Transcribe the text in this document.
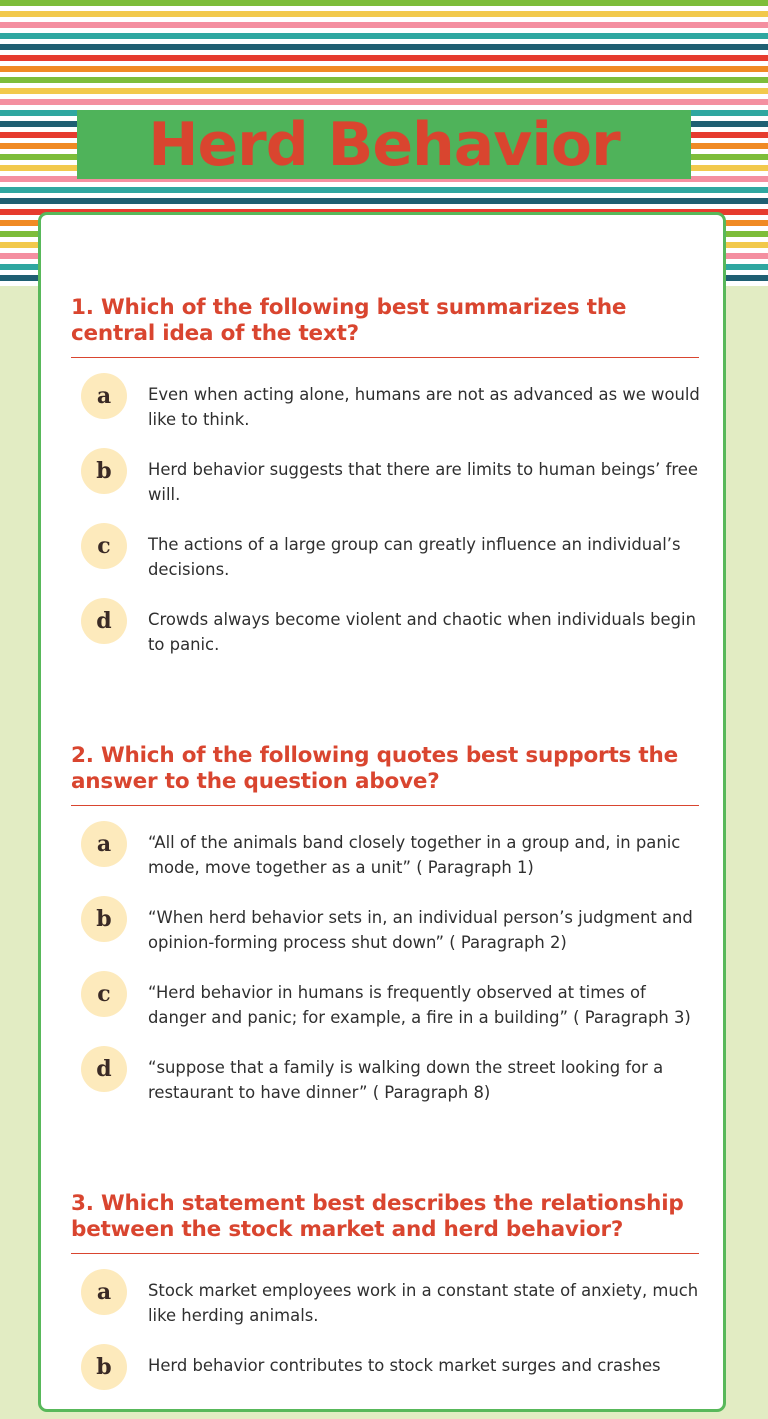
Herd Behavior

1. Which of the following best summarizes the central idea of the text?

a	Even when acting alone, humans are not as advanced as we would like to think.
b	Herd behavior suggests that there are limits to human beings’ free will.
c	The actions of a large group can greatly influence an individual’s decisions.
d	Crowds always become violent and chaotic when individuals begin to panic.

2. Which of the following quotes best supports the answer to the question above?

a	“All of the animals band closely together in a group and, in panic mode, move together as a unit” ( Paragraph 1)
b	“When herd behavior sets in, an individual person’s judgment and opinion-forming process shut down” ( Paragraph 2)
c	“Herd behavior in humans is frequently observed at times of danger and panic; for example, a fire in a building” ( Paragraph 3)
d	“suppose that a family is walking down the street looking for a restaurant to have dinner” ( Paragraph 8)

3. Which statement best describes the relationship between the stock market and herd behavior?

a	Stock market employees work in a constant state of anxiety, much like herding animals.
b	Herd behavior contributes to stock market surges and crashes
